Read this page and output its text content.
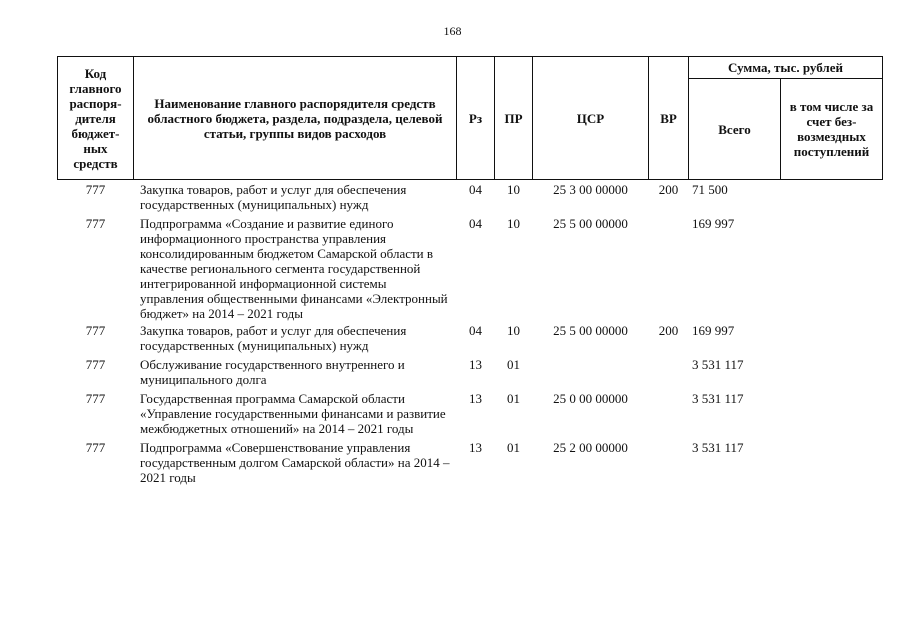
168
Код главного распоря-дителя бюджет-ных средств	Наименование главного распорядителя средств областного бюджета, раздела, подраздела, целевой статьи, группы видов расходов	Рз	ПР	ЦСР	ВР	Сумма, тыс. рублей	
						Всего	в том числе за счет без-возмездных поступлений
777	Закупка товаров, работ и услуг для обеспечения государственных (муниципальных) нужд	04	10	25 3 00 00000	200	71 500	
777	Подпрограмма «Создание и развитие единого информационного пространства управления консолидированным бюджетом Самарской области в качестве регионального сегмента государственной интегрированной информационной системы управления общественными финансами «Электронный бюджет» на 2014 – 2021 годы	04	10	25 5 00 00000		169 997	
777	Закупка товаров, работ и услуг для обеспечения государственных (муниципальных) нужд	04	10	25 5 00 00000	200	169 997	
777	Обслуживание государственного внутреннего и муниципального долга	13	01			3 531 117	
777	Государственная программа Самарской области «Управление государственными финансами и развитие межбюджетных отношений» на 2014 – 2021 годы	13	01	25 0 00 00000		3 531 117	
777	Подпрограмма «Совершенствование управления государственным долгом Самарской области» на 2014 – 2021 годы	13	01	25 2 00 00000		3 531 117	
